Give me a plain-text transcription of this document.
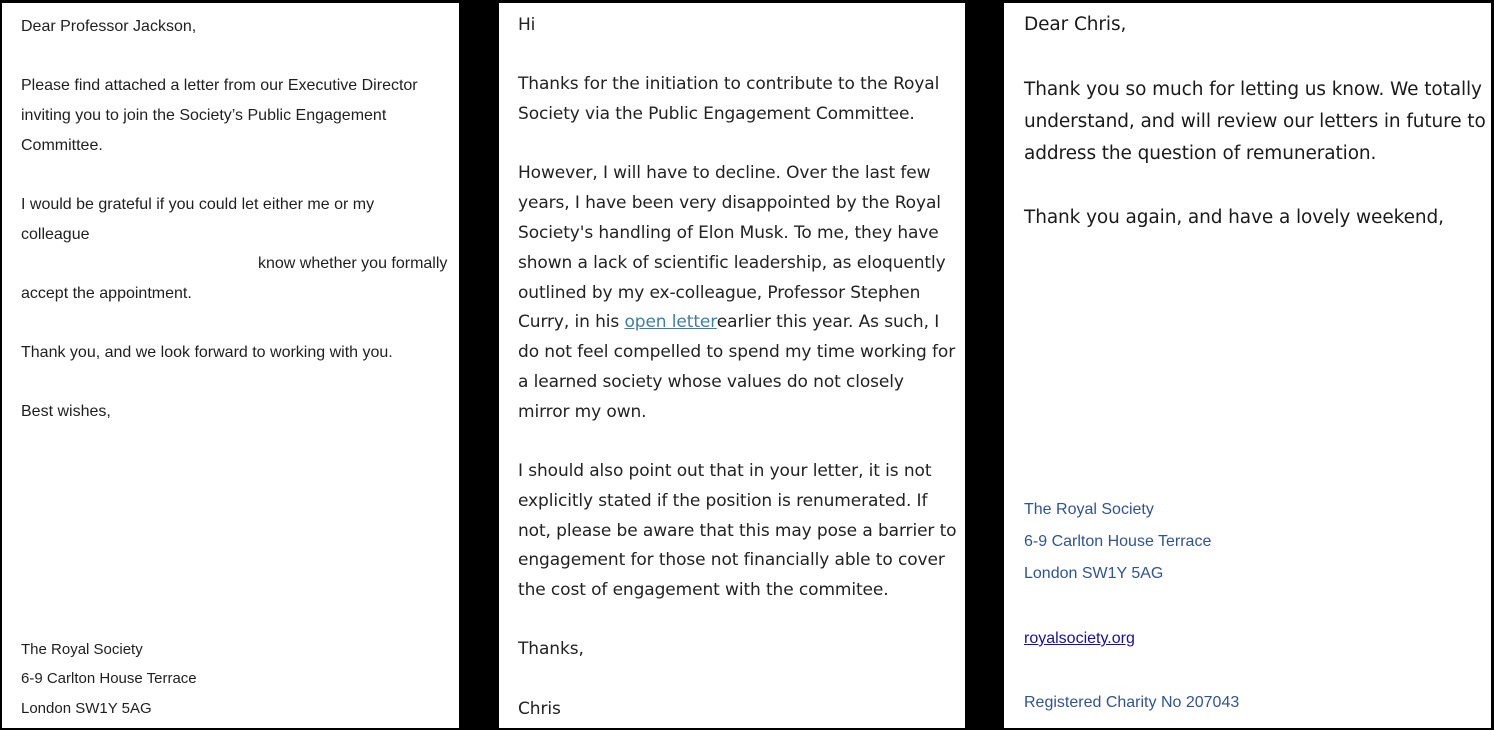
Dear Professor Jackson,
Please find attached a letter from our Executive Director
inviting you to join the Society’s Public Engagement
Committee.
I would be grateful if you could let either me or my
colleague
know whether you formally
accept the appointment.
Thank you, and we look forward to working with you.
Best wishes,
The Royal Society
6-9 Carlton House Terrace
London SW1Y 5AG
Hi
Thanks for the initiation to contribute to the Royal
Society via the Public Engagement Committee.
However, I will have to decline. Over the last few
years, I have been very disappointed by the Royal
Society's handling of Elon Musk. To me, they have
shown a lack of scientific leadership, as eloquently
outlined by my ex-colleague, Professor Stephen
Curry, in his open letterearlier this year. As such, I
do not feel compelled to spend my time working for
a learned society whose values do not closely
mirror my own.
I should also point out that in your letter, it is not
explicitly stated if the position is renumerated. If
not, please be aware that this may pose a barrier to
engagement for those not financially able to cover
the cost of engagement with the commitee.
Thanks,
Chris
Dear Chris,
Thank you so much for letting us know. We totally
understand, and will review our letters in future to
address the question of remuneration.
Thank you again, and have a lovely weekend,
The Royal Society
6-9 Carlton House Terrace
London SW1Y 5AG
royalsociety.org
Registered Charity No 207043
